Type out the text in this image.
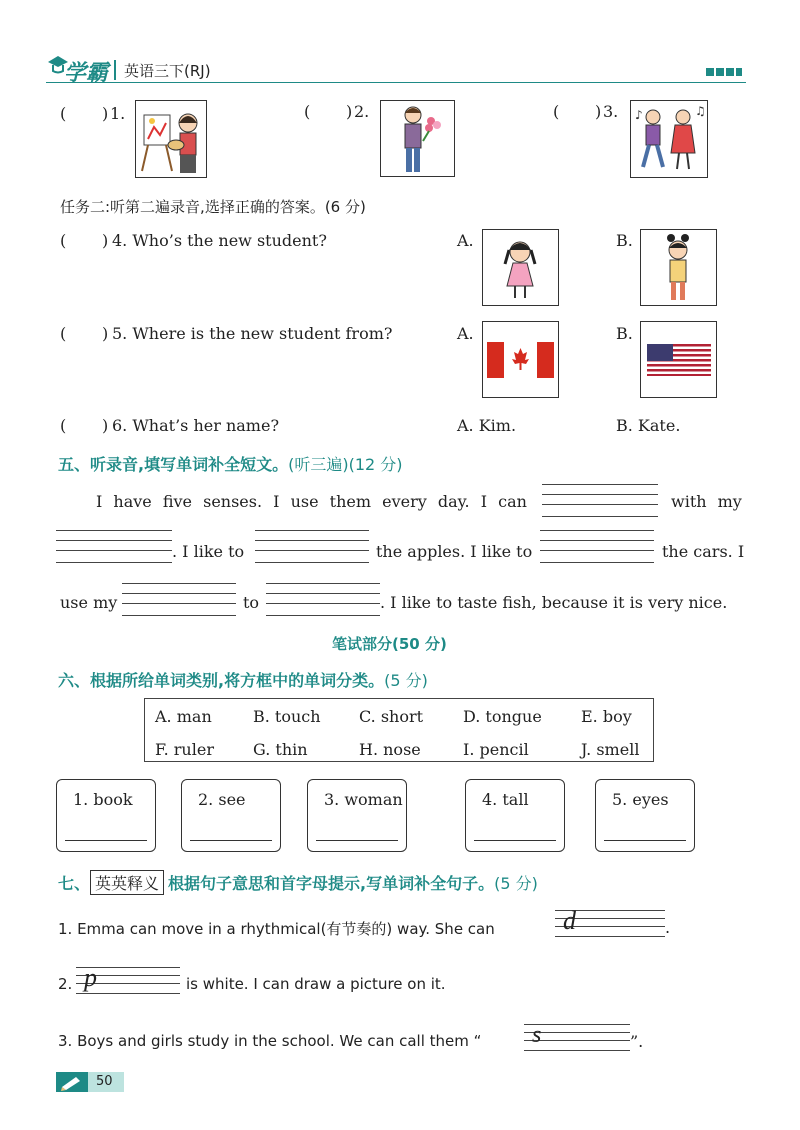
学霸 英语三下(RJ)
( ) 1.	( ) 2.	( ) 3. ♪	♫
任务二:听第二遍录音,选择正确的答案。(6 分)
( ) 4. Who’s the new student?	A.	B.
( ) 5. Where is the new student from?	A.	B.
( ) 6. What’s her name?	A. Kim.	B. Kate.
五、听录音,填写单词补全短文。(听三遍)(12 分)
I have five senses. I use them every day. I can	with my
. I like to	the apples. I like to	the cars. I
use my	to	. I like to taste fish, because it is very nice.
笔试部分(50 分)
六、根据所给单词类别,将方框中的单词分类。(5 分)
A. man	B. touch C. short D. tongue E. boy
F. ruler G. thin	H. nose	I. pencil	J. smell
1. book	2. see	3. woman	4. tall	5. eyes
七、 英英释义 根据句子意思和首字母提示,写单词补全句子。(5 分)
1. Emma can move in a rhythmical(有节奏的) way. She can	d	.
2. p	is white. I can draw a picture on it.
3. Boys and girls study in the school. We can call them “ s	”.
50
